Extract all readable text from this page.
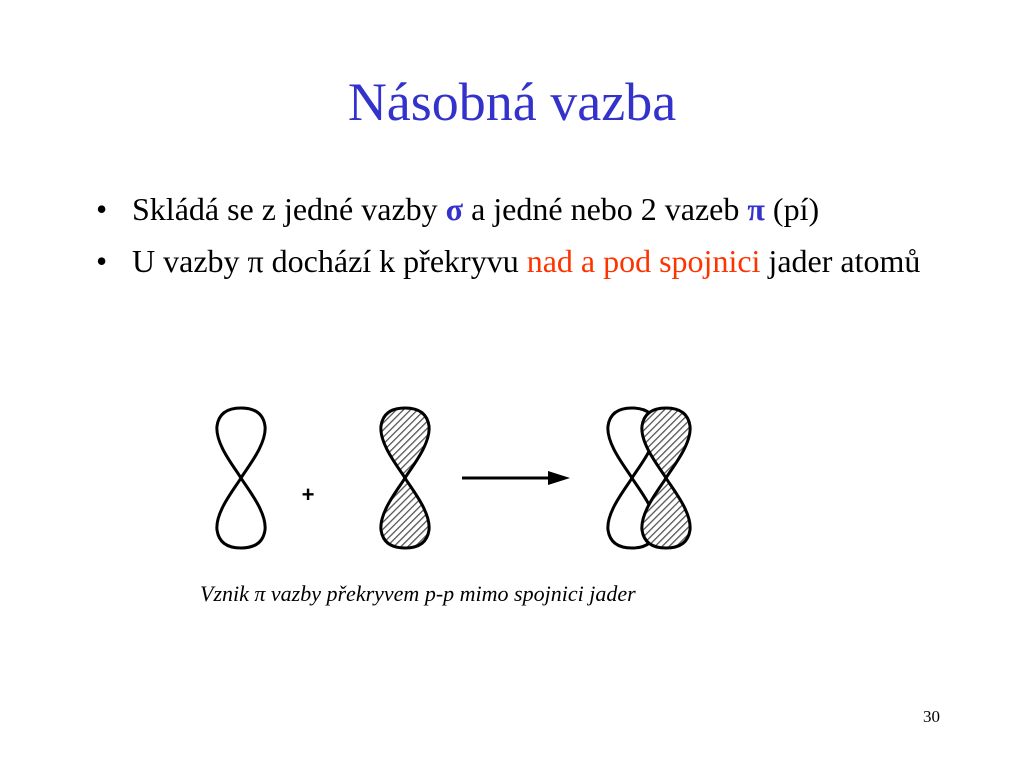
Násobná vazba
• Skládá se z jedné vazby σ a jedné nebo 2 vazeb π (pí)
• U vazby π dochází k překryvu nad a pod spojnici jader atomů
+
Vznik π vazby překryvem p-p mimo spojnici jader
30
